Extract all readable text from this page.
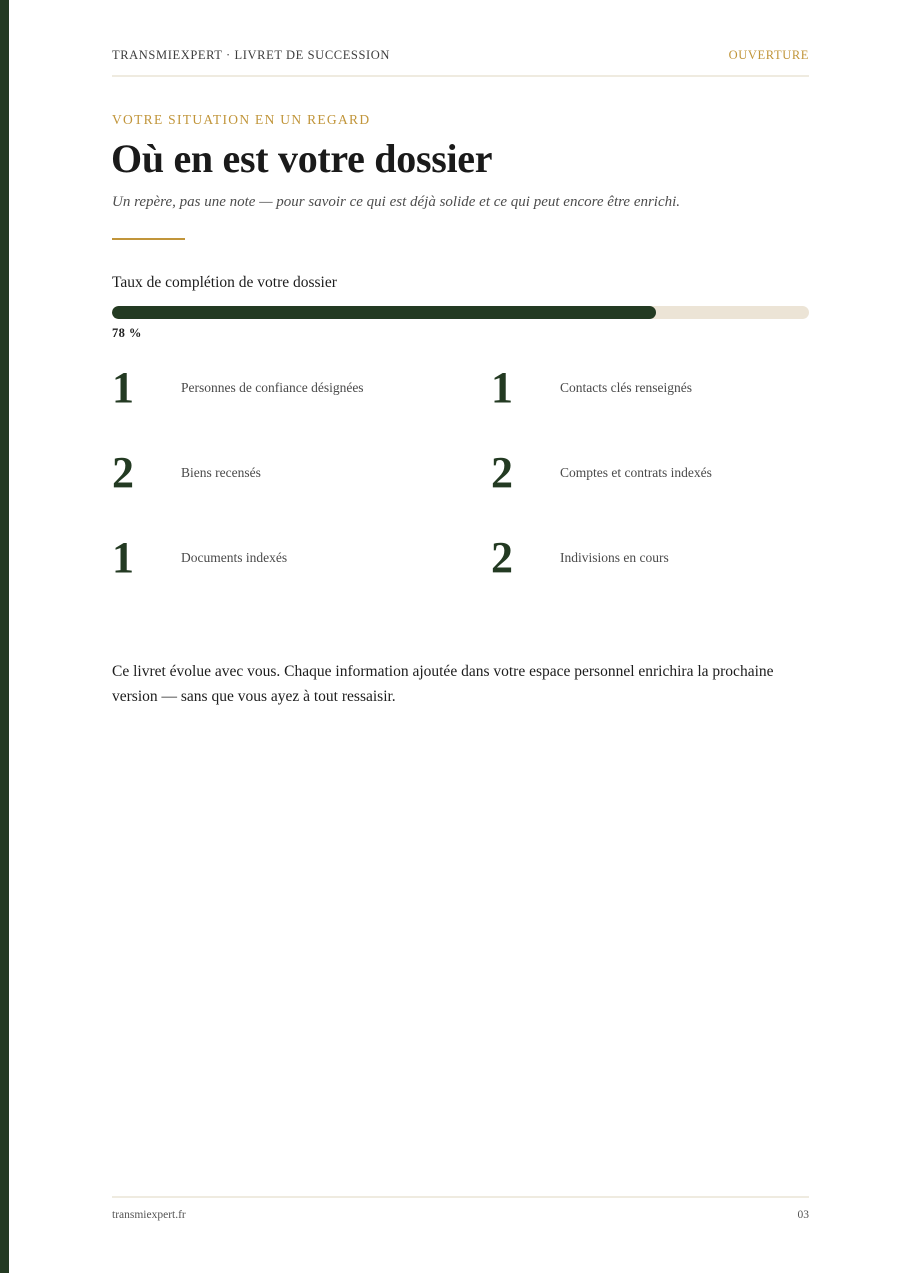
TRANSMIEXPERT · LIVRET DE SUCCESSION	OUVERTURE
VOTRE SITUATION EN UN REGARD
Où en est votre dossier
Un repère, pas une note — pour savoir ce qui est déjà solide et ce qui peut encore être enrichi.
Taux de complétion de votre dossier
78 %
1	Personnes de confiance désignées	1	Contacts clés renseignés
2	Biens recensés	2	Comptes et contrats indexés
1	Documents indexés	2	Indivisions en cours

Ce livret évolue avec vous. Chaque information ajoutée dans votre espace personnel enrichira la prochaine version — sans que vous ayez à tout ressaisir.

transmiexpert.fr	03
